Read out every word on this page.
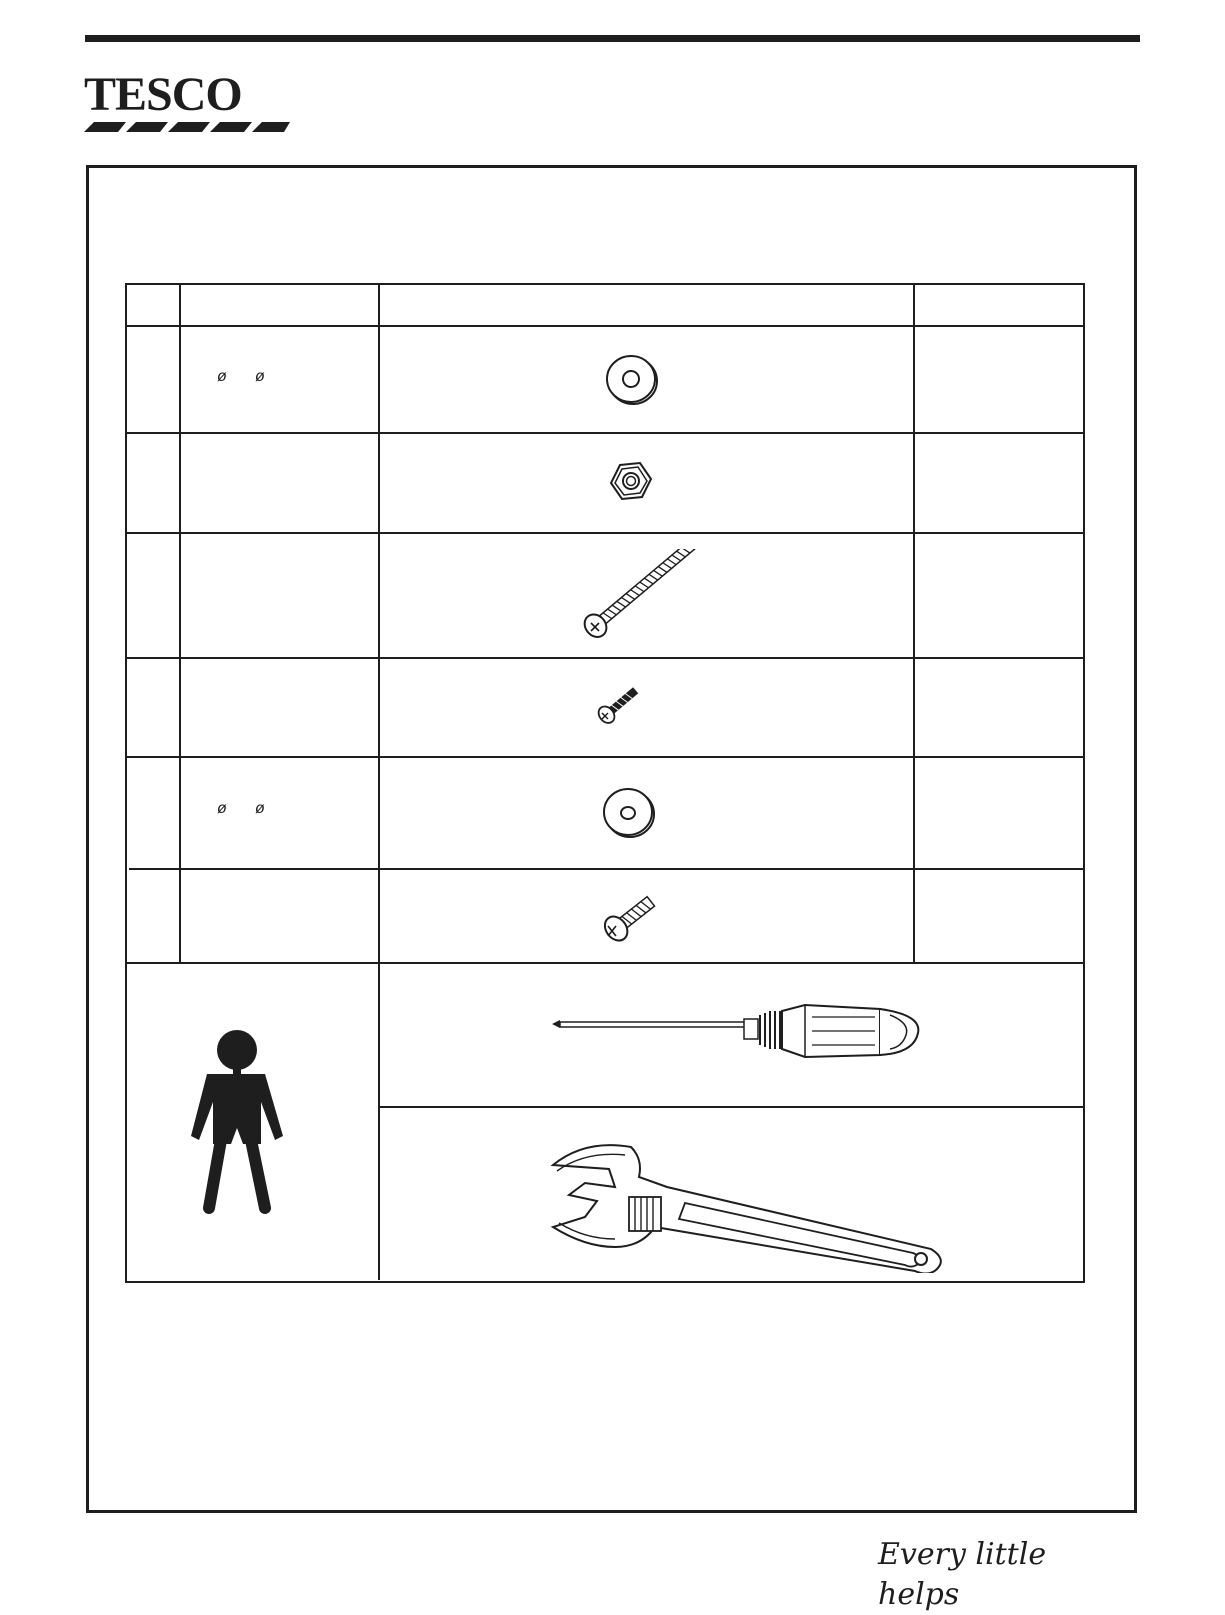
TESCO
ø ø
ø ø
Every little helps
